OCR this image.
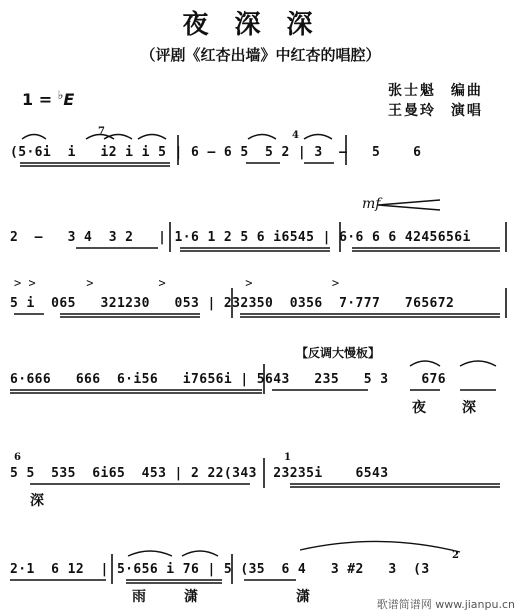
夜深深
（评剧《红杏出墙》中红杏的唱腔）
1 = ♭E	张士魁 编曲
王曼玲 演唱
(5·6i  i   i2 i i 5 | 6 — 6 5  5 2 | 3  —   5    6
7	4
mf
2  —   3 4  3 2   | 1·6 1 2 5 6 i6545 | 6·6 6 6 4245656i
> >       >         >           >           >
5 i  065   321230   053 | 232350  0356  7·777   765672
【反调大慢板】
6·666   666  6·i56   i7656i | 5643   235   5 3    676
夜	深
6	1
5 5  535  6i65  453 | 2 22(343  23235i    6543
深
2
2·1  6 12  | 5·656 i 76 | 5 (35  6 4   3 #2   3  (3
雨	潇	潇	歌谱简谱网 www.jianpu.cn
